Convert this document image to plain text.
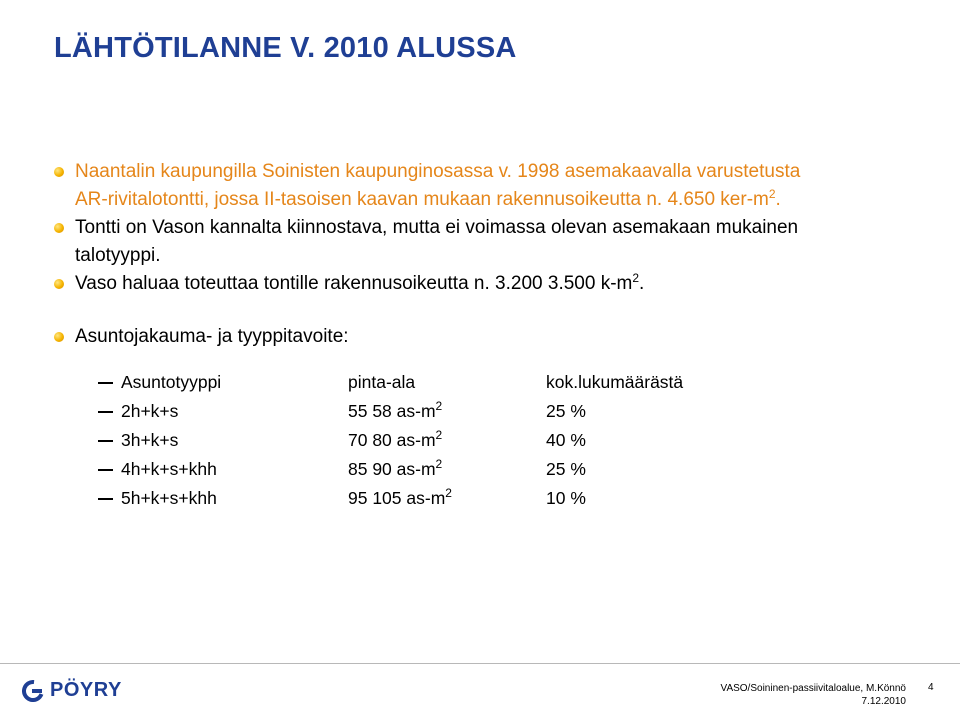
LÄHTÖTILANNE V. 2010 ALUSSA
Naantalin kaupungilla Soinisten kaupunginosassa v. 1998 asemakaavalla varustetusta
AR-rivitalotontti, jossa II-tasoisen kaavan mukaan rakennusoikeutta n. 4.650 ker-$m^2$.
Tontti on Vason kannalta kiinnostava, mutta ei voimassa olevan asemakaan mukainen
talotyyppi.
Vaso haluaa toteuttaa tontille rakennusoikeutta n. 3.200 3.500 $k-m^2$.
Asuntojakauma- ja tyyppitavoite:
Asuntotyyppi	pinta-ala	kok.lukumäärästä
2h+k+s	55 58 $as-m^2$	25 %
3h+k+s	70 80 $as-m^2$	40 %
4h+k+s+khh	85 90 $as-m^2$	25 %
5h+k+s+khh	95 105 $as-m^2$	10 %
PÖYRY	VASO/Soininen-passiivitaloalue, M.Könnö
7.12.2010
4
